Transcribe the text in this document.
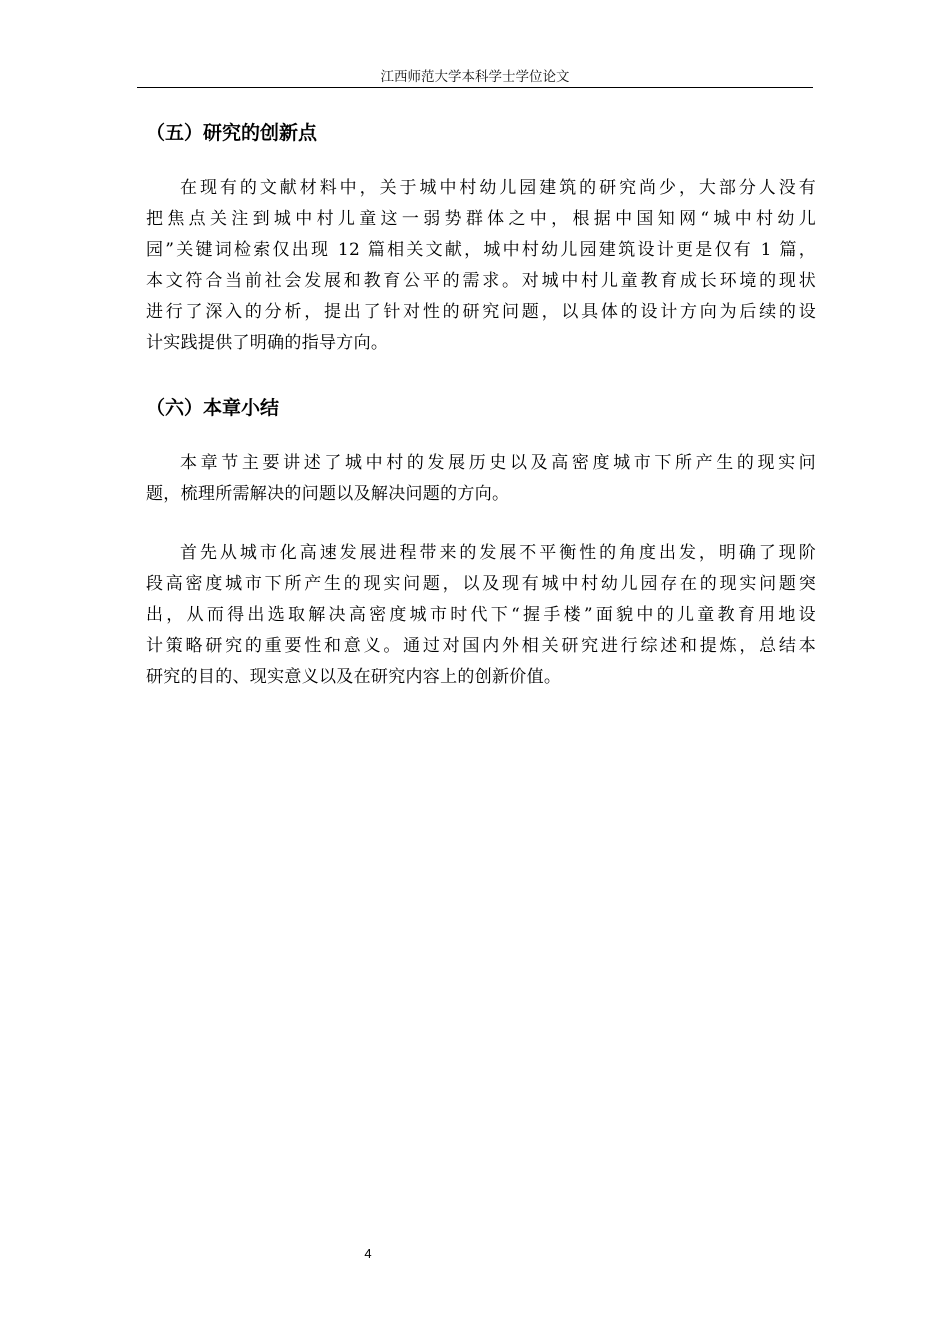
江西师范大学本科学士学位论文
（五）研究的创新点
在现有的文献材料中，关于城中村幼儿园建筑的研究尚少，大部分人没有
把焦点关注到城中村儿童这一弱势群体之中，根据中国知网“城中村幼儿
园”关键词检索仅出现 12 篇相关文献，城中村幼儿园建筑设计更是仅有 1 篇，
本文符合当前社会发展和教育公平的需求。对城中村儿童教育成长环境的现状
进行了深入的分析，提出了针对性的研究问题，以具体的设计方向为后续的设
计实践提供了明确的指导方向。
（六）本章小结
本章节主要讲述了城中村的发展历史以及高密度城市下所产生的现实问
题，梳理所需解决的问题以及解决问题的方向。
首先从城市化高速发展进程带来的发展不平衡性的角度出发，明确了现阶
段高密度城市下所产生的现实问题，以及现有城中村幼儿园存在的现实问题突
出，从而得出选取解决高密度城市时代下“握手楼”面貌中的儿童教育用地设
计策略研究的重要性和意义。通过对国内外相关研究进行综述和提炼，总结本
研究的目的、现实意义以及在研究内容上的创新价值。
4
